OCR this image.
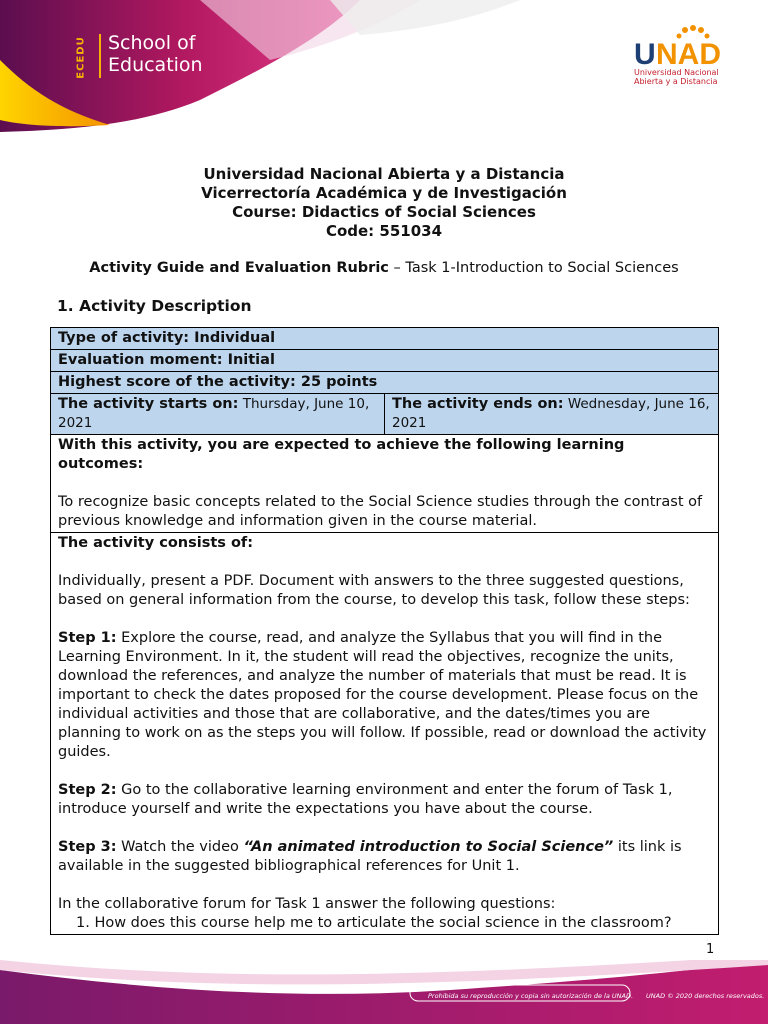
ECEDU School of
Education	U NAD
Universidad Nacional
Abierta y a Distancia
Universidad Nacional Abierta y a Distancia
Vicerrectoría Académica y de Investigación
Course: Didactics of Social Sciences
Code: 551034
Activity Guide and Evaluation Rubric – Task 1-Introduction to Social Sciences
1. Activity Description
Type of activity: Individual
Evaluation moment: Initial
Highest score of the activity: 25 points
The activity starts on: Thursday, June 10, 2021	The activity ends on: Wednesday, June 16, 2021

With this activity, you are expected to achieve the following learning outcomes:

To recognize basic concepts related to the Social Science studies through the contrast of previous knowledge and information given in the course material.

The activity consists of:

Individually, present a PDF. Document with answers to the three suggested questions, based on general information from the course, to develop this task, follow these steps:

Step 1: Explore the course, read, and analyze the Syllabus that you will find in the Learning Environment. In it, the student will read the objectives, recognize the units, download the references, and analyze the number of materials that must be read. It is important to check the dates proposed for the course development. Please focus on the individual activities and those that are collaborative, and the dates/times you are planning to work on as the steps you will follow. If possible, read or download the activity guides.

Step 2: Go to the collaborative learning environment and enter the forum of Task 1, introduce yourself and write the expectations you have about the course.

Step 3: Watch the video “An animated introduction to Social Science” its link is available in the suggested bibliographical references for Unit 1.

In the collaborative forum for Task 1 answer the following questions:

1. How does this course help me to articulate the social science in the classroom?

1
Prohibida su reproducción y copia sin autorización de la UNAD. UNAD © 2020 derechos reservados.
